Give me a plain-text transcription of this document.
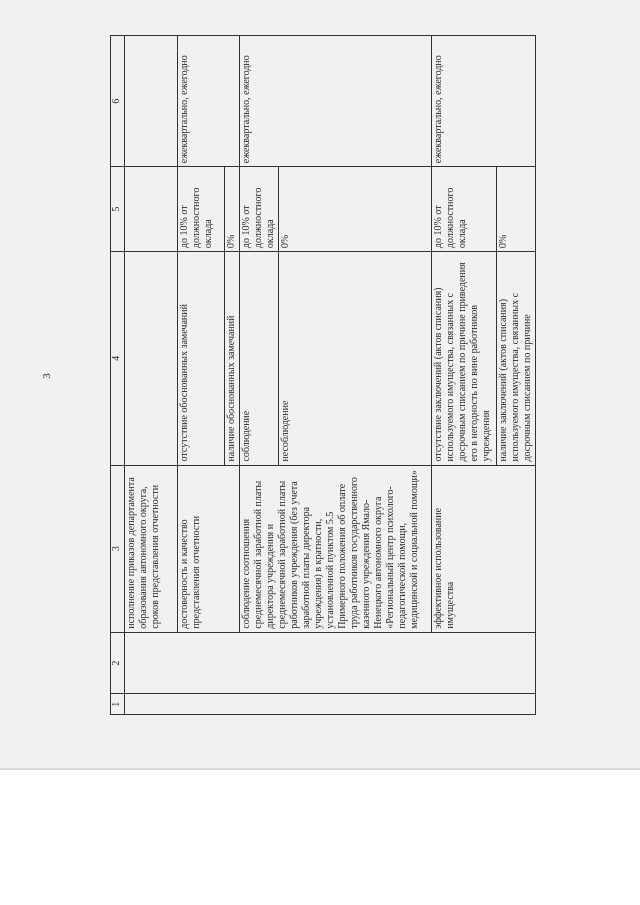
3
1	2	3	4	5	6
		исполнение приказов департамента образования автономного округа, сроков представления отчетности			
		достоверность и качество представления отчетности	отсутствие обоснованных замечаний	до 10% от должностного оклада	ежеквартально, ежегодно
			наличие обоснованных замечаний	0%	
		соблюдение соотношения среднемесячной заработной платы директора учреждения и среднемесячной заработной платы работников учреждения (без учета заработной платы директора учреждения) в кратности, установленной пунктом 5.5 Примерного положения об оплате труда работников государственного казенного учреждения Ямало-Ненецкого автономного округа «Региональный центр психолого-педагогической помощи, медицинской и социальной помощи»	соблюдение	до 10% от должностного оклада	ежеквартально, ежегодно
			несоблюдение	0%	
		эффективное использование имущества	отсутствие заключений (актов списания) используемого имущества, связанных с досрочным списанием по причине приведения его в негодность по вине работников учреждения	до 10% от должностного оклада	ежеквартально, ежегодно
			наличие заключений (актов списания) используемого имущества, связанных с досрочным списанием по причине	0%	
